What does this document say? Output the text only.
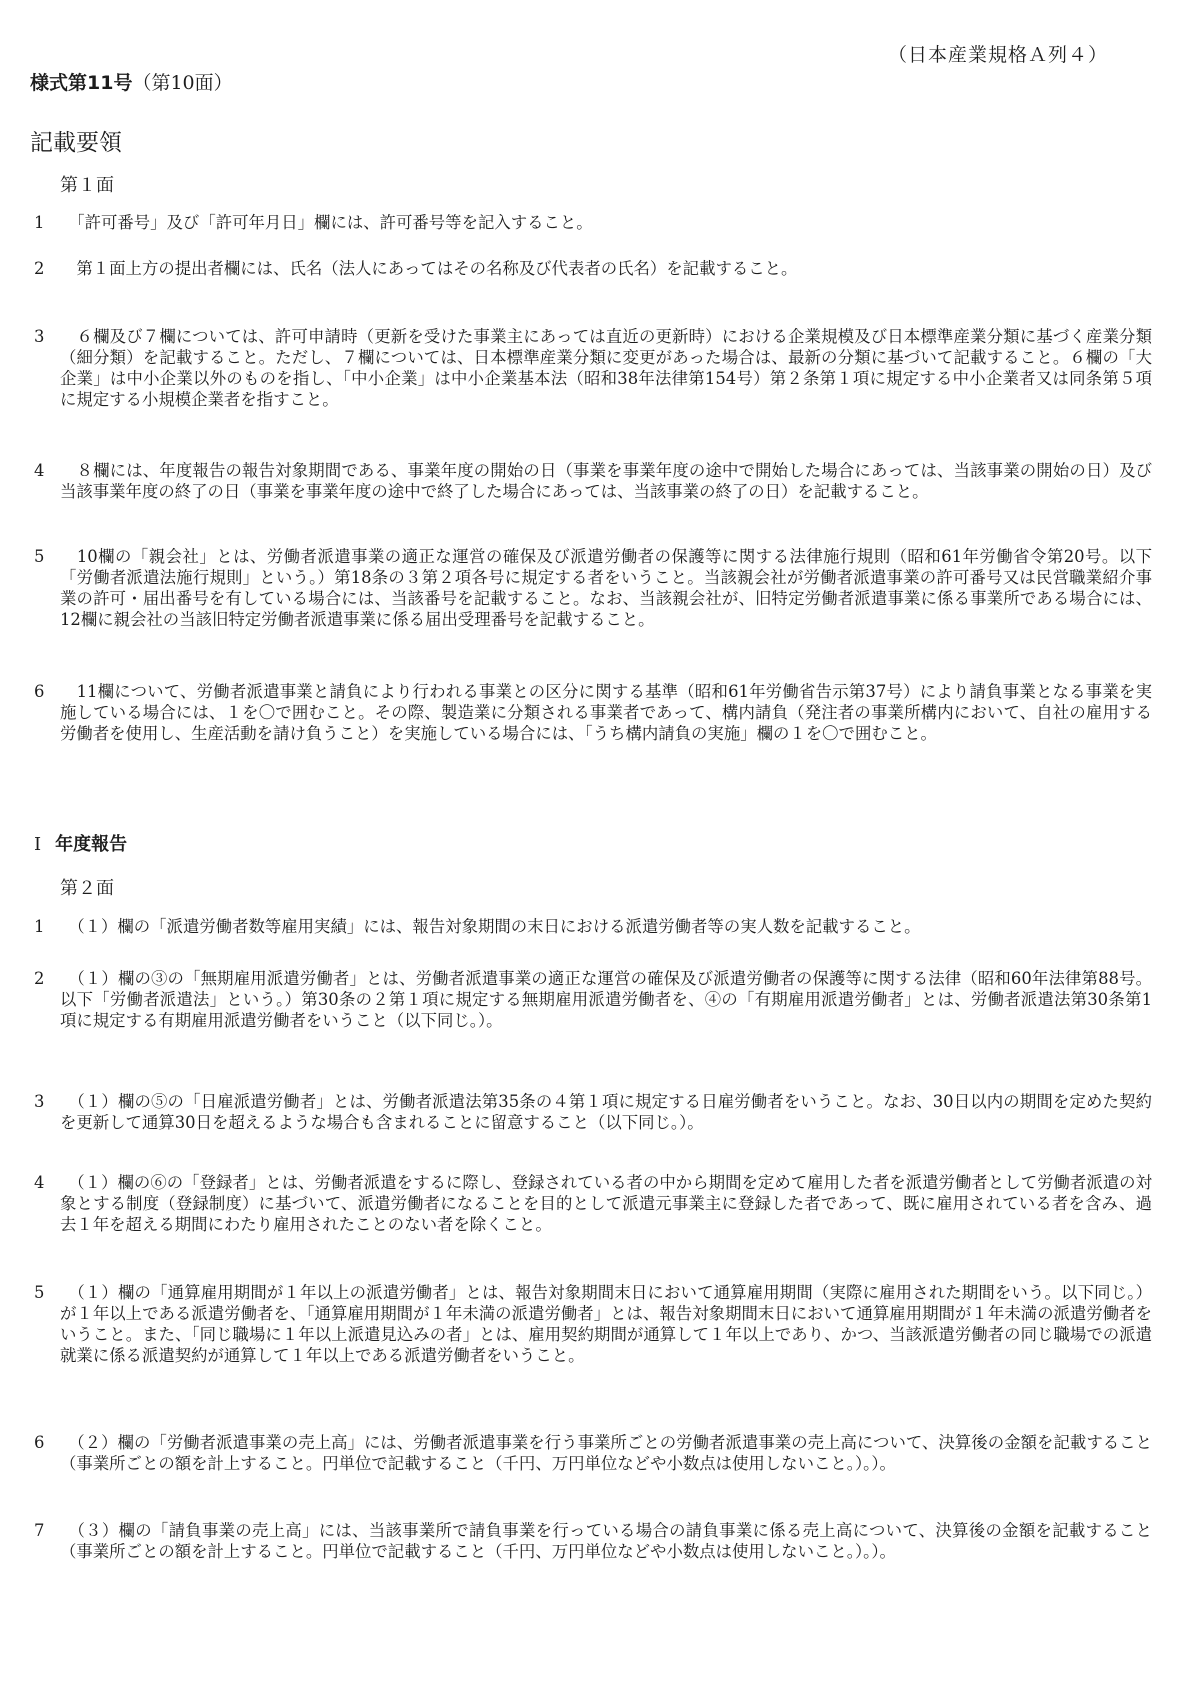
（日本産業規格Ａ列４）
様式第11号（第10面）
記載要領
第１面
1 　「許可番号」及び「許可年月日」欄には、許可番号等を記入すること。
2 　第１面上方の提出者欄には、氏名（法人にあってはその名称及び代表者の氏名）を記載すること。
3 　６欄及び７欄については、許可申請時（更新を受けた事業主にあっては直近の更新時）における企業規模及び日本標準産業分類に基づく産業分類（細分類）を記載すること。ただし、７欄については、日本標準産業分類に変更があった場合は、最新の分類に基づいて記載すること。６欄の「大企業」は中小企業以外のものを指し、「中小企業」は中小企業基本法（昭和38年法律第154号）第２条第１項に規定する中小企業者又は同条第５項に規定する小規模企業者を指すこと。
4 　８欄には、年度報告の報告対象期間である、事業年度の開始の日（事業を事業年度の途中で開始した場合にあっては、当該事業の開始の日）及び当該事業年度の終了の日（事業を事業年度の途中で終了した場合にあっては、当該事業の終了の日）を記載すること。
5 　10欄の「親会社」とは、労働者派遣事業の適正な運営の確保及び派遣労働者の保護等に関する法律施行規則（昭和61年労働省令第20号。以下「労働者派遣法施行規則」という。）第18条の３第２項各号に規定する者をいうこと。当該親会社が労働者派遣事業の許可番号又は民営職業紹介事業の許可・届出番号を有している場合には、当該番号を記載すること。なお、当該親会社が、旧特定労働者派遣事業に係る事業所である場合には、12欄に親会社の当該旧特定労働者派遣事業に係る届出受理番号を記載すること。
6 　11欄について、労働者派遣事業と請負により行われる事業との区分に関する基準（昭和61年労働省告示第37号）により請負事業となる事業を実施している場合には、１を〇で囲むこと。その際、製造業に分類される事業者であって、構内請負（発注者の事業所構内において、自社の雇用する労働者を使用し、生産活動を請け負うこと）を実施している場合には、「うち構内請負の実施」欄の１を〇で囲むこと。
Ⅰ 年度報告
第２面
1 　（１）欄の「派遣労働者数等雇用実績」には、報告対象期間の末日における派遣労働者等の実人数を記載すること。
2 　（１）欄の③の「無期雇用派遣労働者」とは、労働者派遣事業の適正な運営の確保及び派遣労働者の保護等に関する法律（昭和60年法律第88号。以下「労働者派遣法」という。）第30条の２第１項に規定する無期雇用派遣労働者を、④の「有期雇用派遣労働者」とは、労働者派遣法第30条第1項に規定する有期雇用派遣労働者をいうこと（以下同じ。）。
3 　（１）欄の⑤の「日雇派遣労働者」とは、労働者派遣法第35条の４第１項に規定する日雇労働者をいうこと。なお、30日以内の期間を定めた契約を更新して通算30日を超えるような場合も含まれることに留意すること（以下同じ。）。
4 　（１）欄の⑥の「登録者」とは、労働者派遣をするに際し、登録されている者の中から期間を定めて雇用した者を派遣労働者として労働者派遣の対象とする制度（登録制度）に基づいて、派遣労働者になることを目的として派遣元事業主に登録した者であって、既に雇用されている者を含み、過去１年を超える期間にわたり雇用されたことのない者を除くこと。
5 　（１）欄の「通算雇用期間が１年以上の派遣労働者」とは、報告対象期間末日において通算雇用期間（実際に雇用された期間をいう。以下同じ。）が１年以上である派遣労働者を、「通算雇用期間が１年未満の派遣労働者」とは、報告対象期間末日において通算雇用期間が１年未満の派遣労働者をいうこと。また、「同じ職場に１年以上派遣見込みの者」とは、雇用契約期間が通算して１年以上であり、かつ、当該派遣労働者の同じ職場での派遣就業に係る派遣契約が通算して１年以上である派遣労働者をいうこと。
6 　（２）欄の「労働者派遣事業の売上高」には、労働者派遣事業を行う事業所ごとの労働者派遣事業の売上高について、決算後の金額を記載すること（事業所ごとの額を計上すること。円単位で記載すること（千円、万円単位などや小数点は使用しないこと。）。）。
7 　（３）欄の「請負事業の売上高」には、当該事業所で請負事業を行っている場合の請負事業に係る売上高について、決算後の金額を記載すること（事業所ごとの額を計上すること。円単位で記載すること（千円、万円単位などや小数点は使用しないこと。）。）。
